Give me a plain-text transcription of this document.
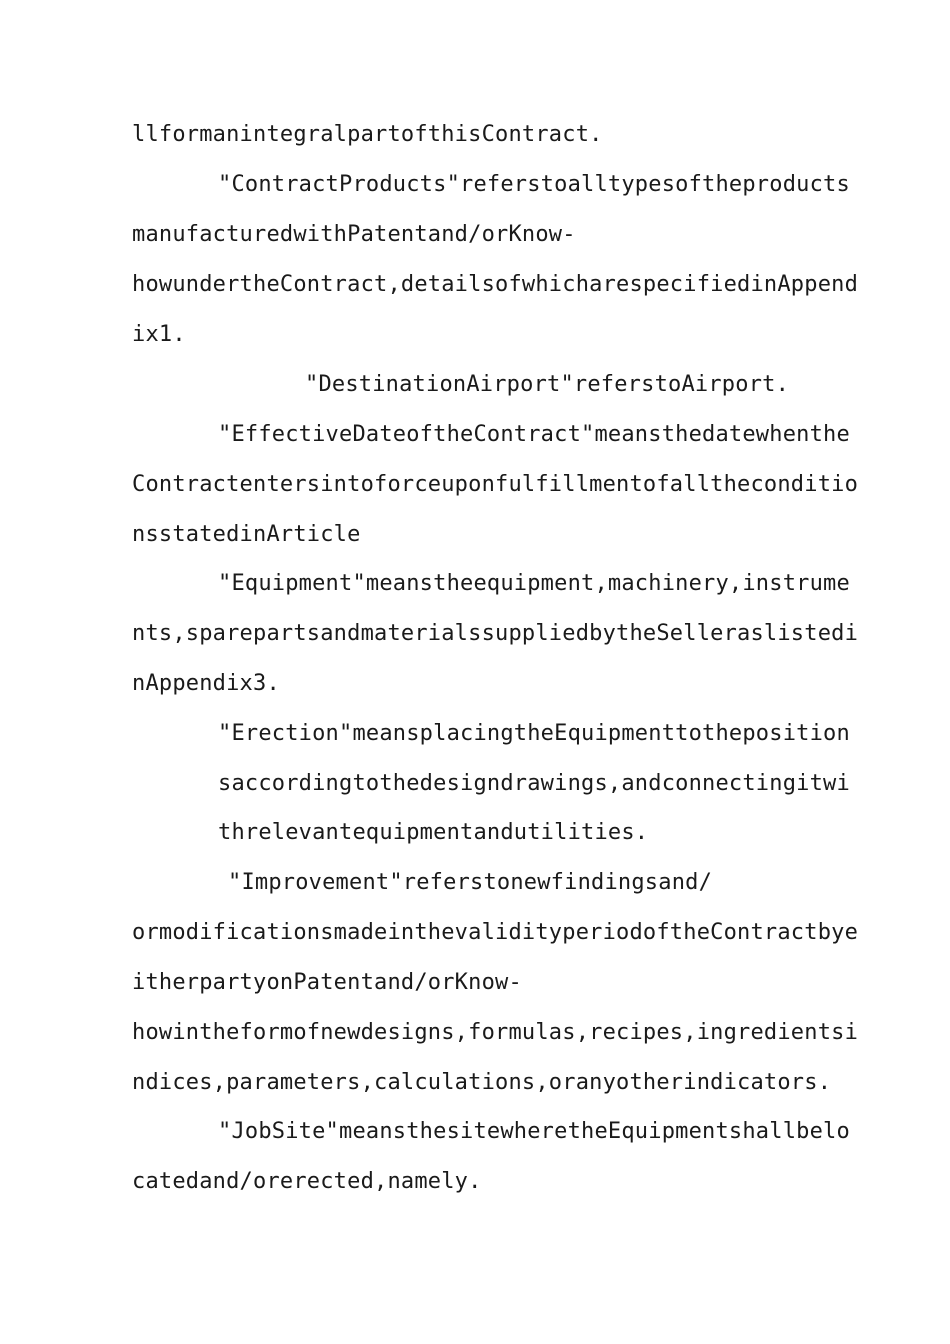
llformanintegralpartofthisContract.

"ContractProducts"referstoalltypesoftheproducts

manufacturedwithPatentand/orKnow-

howundertheContract,detailsofwhicharespecifiedinAppend

ix1.

"DestinationAirport"referstoAirport.

"EffectiveDateoftheContract"meansthedatewhenthe

Contractentersintoforceuponfulfillmentofalltheconditio

nsstatedinArticle

"Equipment"meanstheequipment,machinery,instrume

nts,sparepartsandmaterialssuppliedbytheSelleraslistedi

nAppendix3.

"Erection"meansplacingtheEquipmenttotheposition

saccordingtothedesigndrawings,andconnectingitwi

threlevantequipmentandutilities.

"Improvement"referstonewfindingsand/

ormodificationsmadeinthevalidityperiodoftheContractbye

itherpartyonPatentand/orKnow-

howintheformofnewdesigns,formulas,recipes,ingredientsi

ndices,parameters,calculations,oranyotherindicators.

"JobSite"meansthesitewheretheEquipmentshallbelo

catedand/orerected,namely.
